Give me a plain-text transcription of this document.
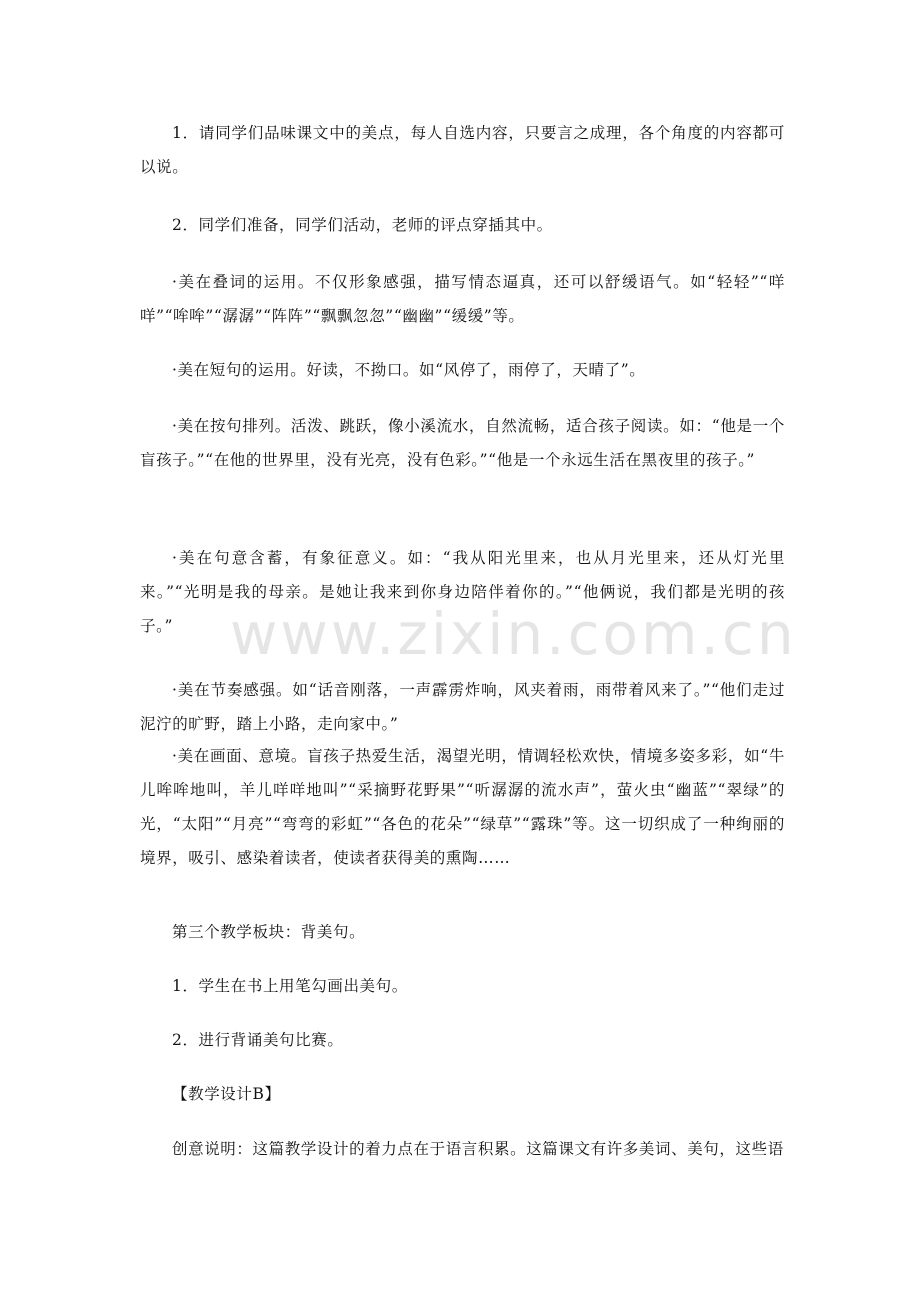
1．请同学们品味课文中的美点，每人自选内容，只要言之成理，各个角度的内容都可以说。

2．同学们准备，同学们活动，老师的评点穿插其中。

·美在叠词的运用。不仅形象感强，描写情态逼真，还可以舒缓语气。如“轻轻”“咩咩”“哞哞”“潺潺”“阵阵”“飘飘忽忽”“幽幽”“缓缓”等。

·美在短句的运用。好读，不拗口。如“风停了，雨停了，天晴了”。

·美在按句排列。活泼、跳跃，像小溪流水，自然流畅，适合孩子阅读。如：“他是一个盲孩子。”“在他的世界里，没有光亮，没有色彩。”“他是一个永远生活在黑夜里的孩子。”

·美在句意含蓄，有象征意义。如：“我从阳光里来，也从月光里来，还从灯光里来。”“光明是我的母亲。是她让我来到你身边陪伴着你的。”“他俩说，我们都是光明的孩子。”

·美在节奏感强。如“话音刚落，一声霹雳炸响，风夹着雨，雨带着风来了。”“他们走过泥泞的旷野，踏上小路，走向家中。”

·美在画面、意境。盲孩子热爱生活，渴望光明，情调轻松欢快，情境多姿多彩，如“牛儿哞哞地叫，羊儿咩咩地叫”“采摘野花野果”“听潺潺的流水声”，萤火虫“幽蓝”“翠绿”的光，“太阳”“月亮”“弯弯的彩虹”“各色的花朵”“绿草”“露珠”等。这一切织成了一种绚丽的境界，吸引、感染着读者，使读者获得美的熏陶……

第三个教学板块：背美句。

1．学生在书上用笔勾画出美句。

2．进行背诵美句比赛。

【教学设计B】

创意说明：这篇教学设计的着力点在于语言积累。这篇课文有许多美词、美句，这些语

www.zixin.com.cn
